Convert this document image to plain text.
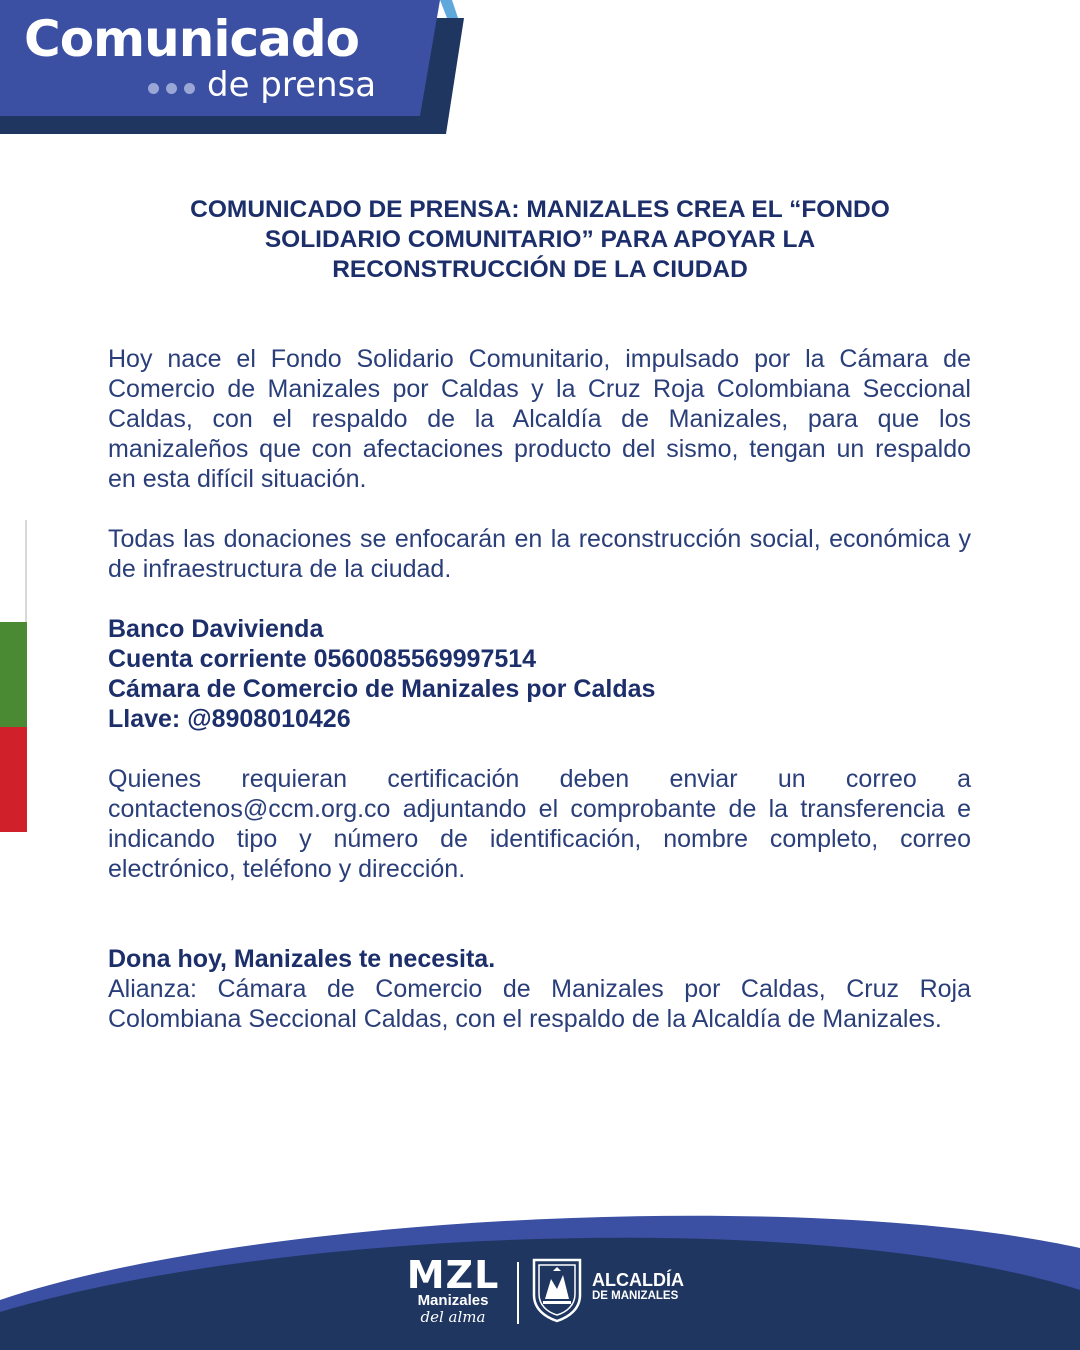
Comunicado
de prensa
COMUNICADO DE PRENSA: MANIZALES CREA EL “FONDO
SOLIDARIO COMUNITARIO” PARA APOYAR LA
RECONSTRUCCIÓN DE LA CIUDAD

Hoy nace el Fondo Solidario Comunitario, impulsado por la Cámara de Comercio de Manizales por Caldas y la Cruz Roja Colombiana Seccional Caldas, con el respaldo de la Alcaldía de Manizales, para que los manizaleños que con afectaciones producto del sismo, tengan un respaldo en esta difícil situación.

Todas las donaciones se enfocarán en la reconstrucción social, económica y de infraestructura de la ciudad.

Banco Davivienda
Cuenta corriente 0560085569997514
Cámara de Comercio de Manizales por Caldas
Llave: @8908010426

Quienes requieran certificación deben enviar un correo a contactenos@ccm.org.co adjuntando el comprobante de la transferencia e indicando tipo y número de identificación, nombre completo, correo electrónico, teléfono y dirección.

Dona hoy, Manizales te necesita.

Alianza: Cámara de Comercio de Manizales por Caldas, Cruz Roja Colombiana Seccional Caldas, con el respaldo de la Alcaldía de Manizales.

MZL
Manizales
del alma
ALCALDÍA
DE MANIZALES
